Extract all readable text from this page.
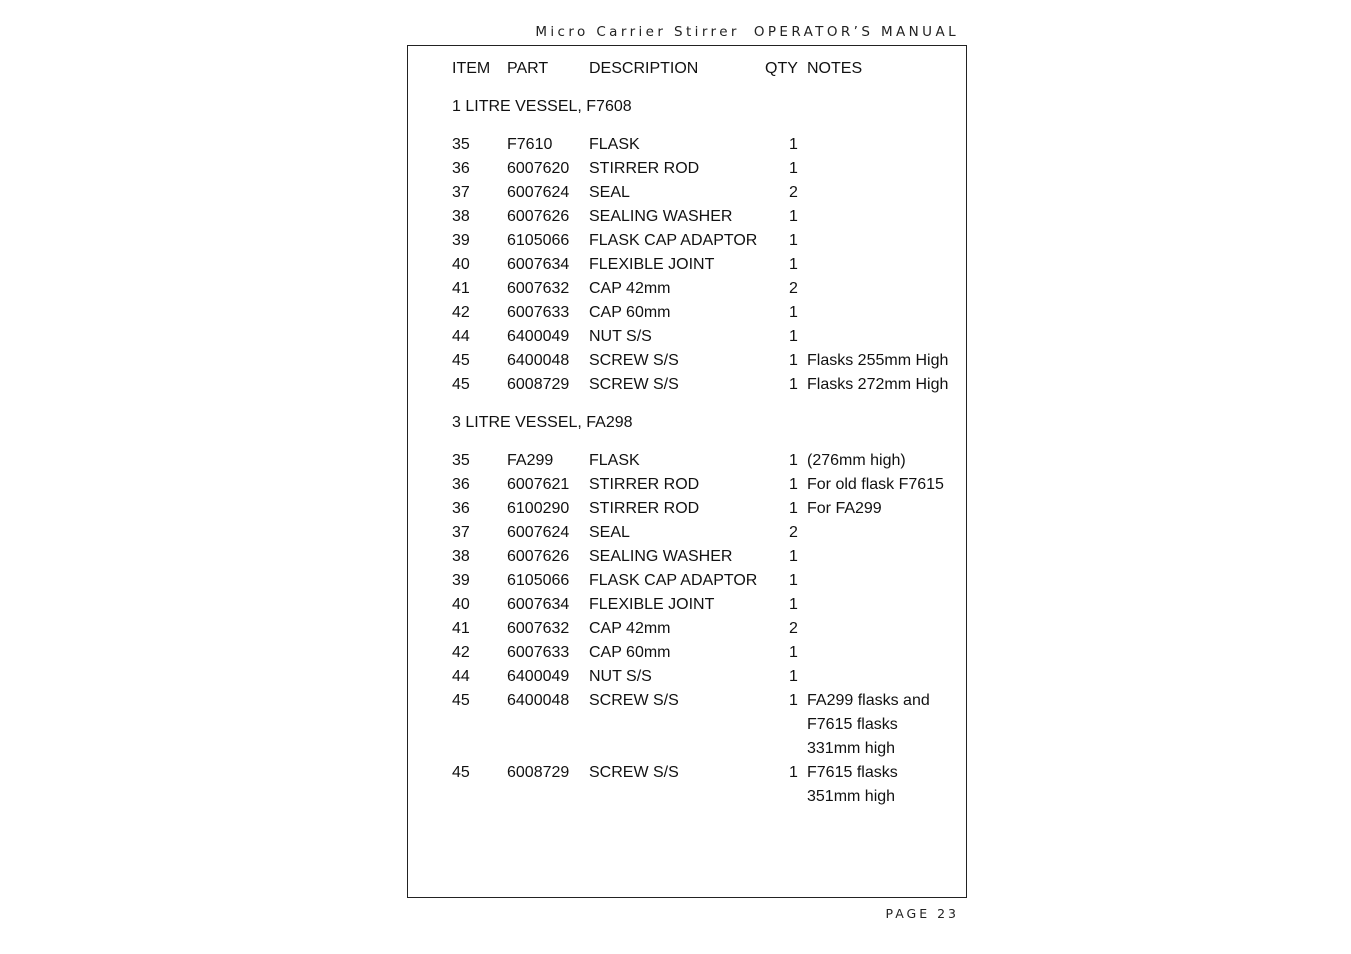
Micro Carrier Stirrer OPERATOR’S MANUAL
ITEM PART	DESCRIPTION	QTY NOTES
1 LITRE VESSEL, F7608
35 F7610 FLASK	1
36 6007620 STIRRER ROD	1
37 6007624 SEAL	2
38 6007626 SEALING WASHER	1
39 6105066 FLASK CAP ADAPTOR 1
40 6007634 FLEXIBLE JOINT	1
41 6007632 CAP 42mm	2
42 6007633 CAP 60mm	1
44 6400049 NUT S/S	1
45 6400048 SCREW S/S	1 Flasks 255mm High
45 6008729 SCREW S/S	1 Flasks 272mm High
3 LITRE VESSEL, FA298
35 FA299 FLASK	1 (276mm high)
36 6007621 STIRRER ROD	1 For old flask F7615
36 6100290 STIRRER ROD	1 For FA299
37 6007624 SEAL	2
38 6007626 SEALING WASHER	1
39 6105066 FLASK CAP ADAPTOR 1
40 6007634 FLEXIBLE JOINT	1
41 6007632 CAP 42mm	2
42 6007633 CAP 60mm	1
44 6400049 NUT S/S	1
45 6400048 SCREW S/S	1 FA299 flasks and
F7615 flasks
331mm high
45 6008729 SCREW S/S	1 F7615 flasks
351mm high
PAGE 23
